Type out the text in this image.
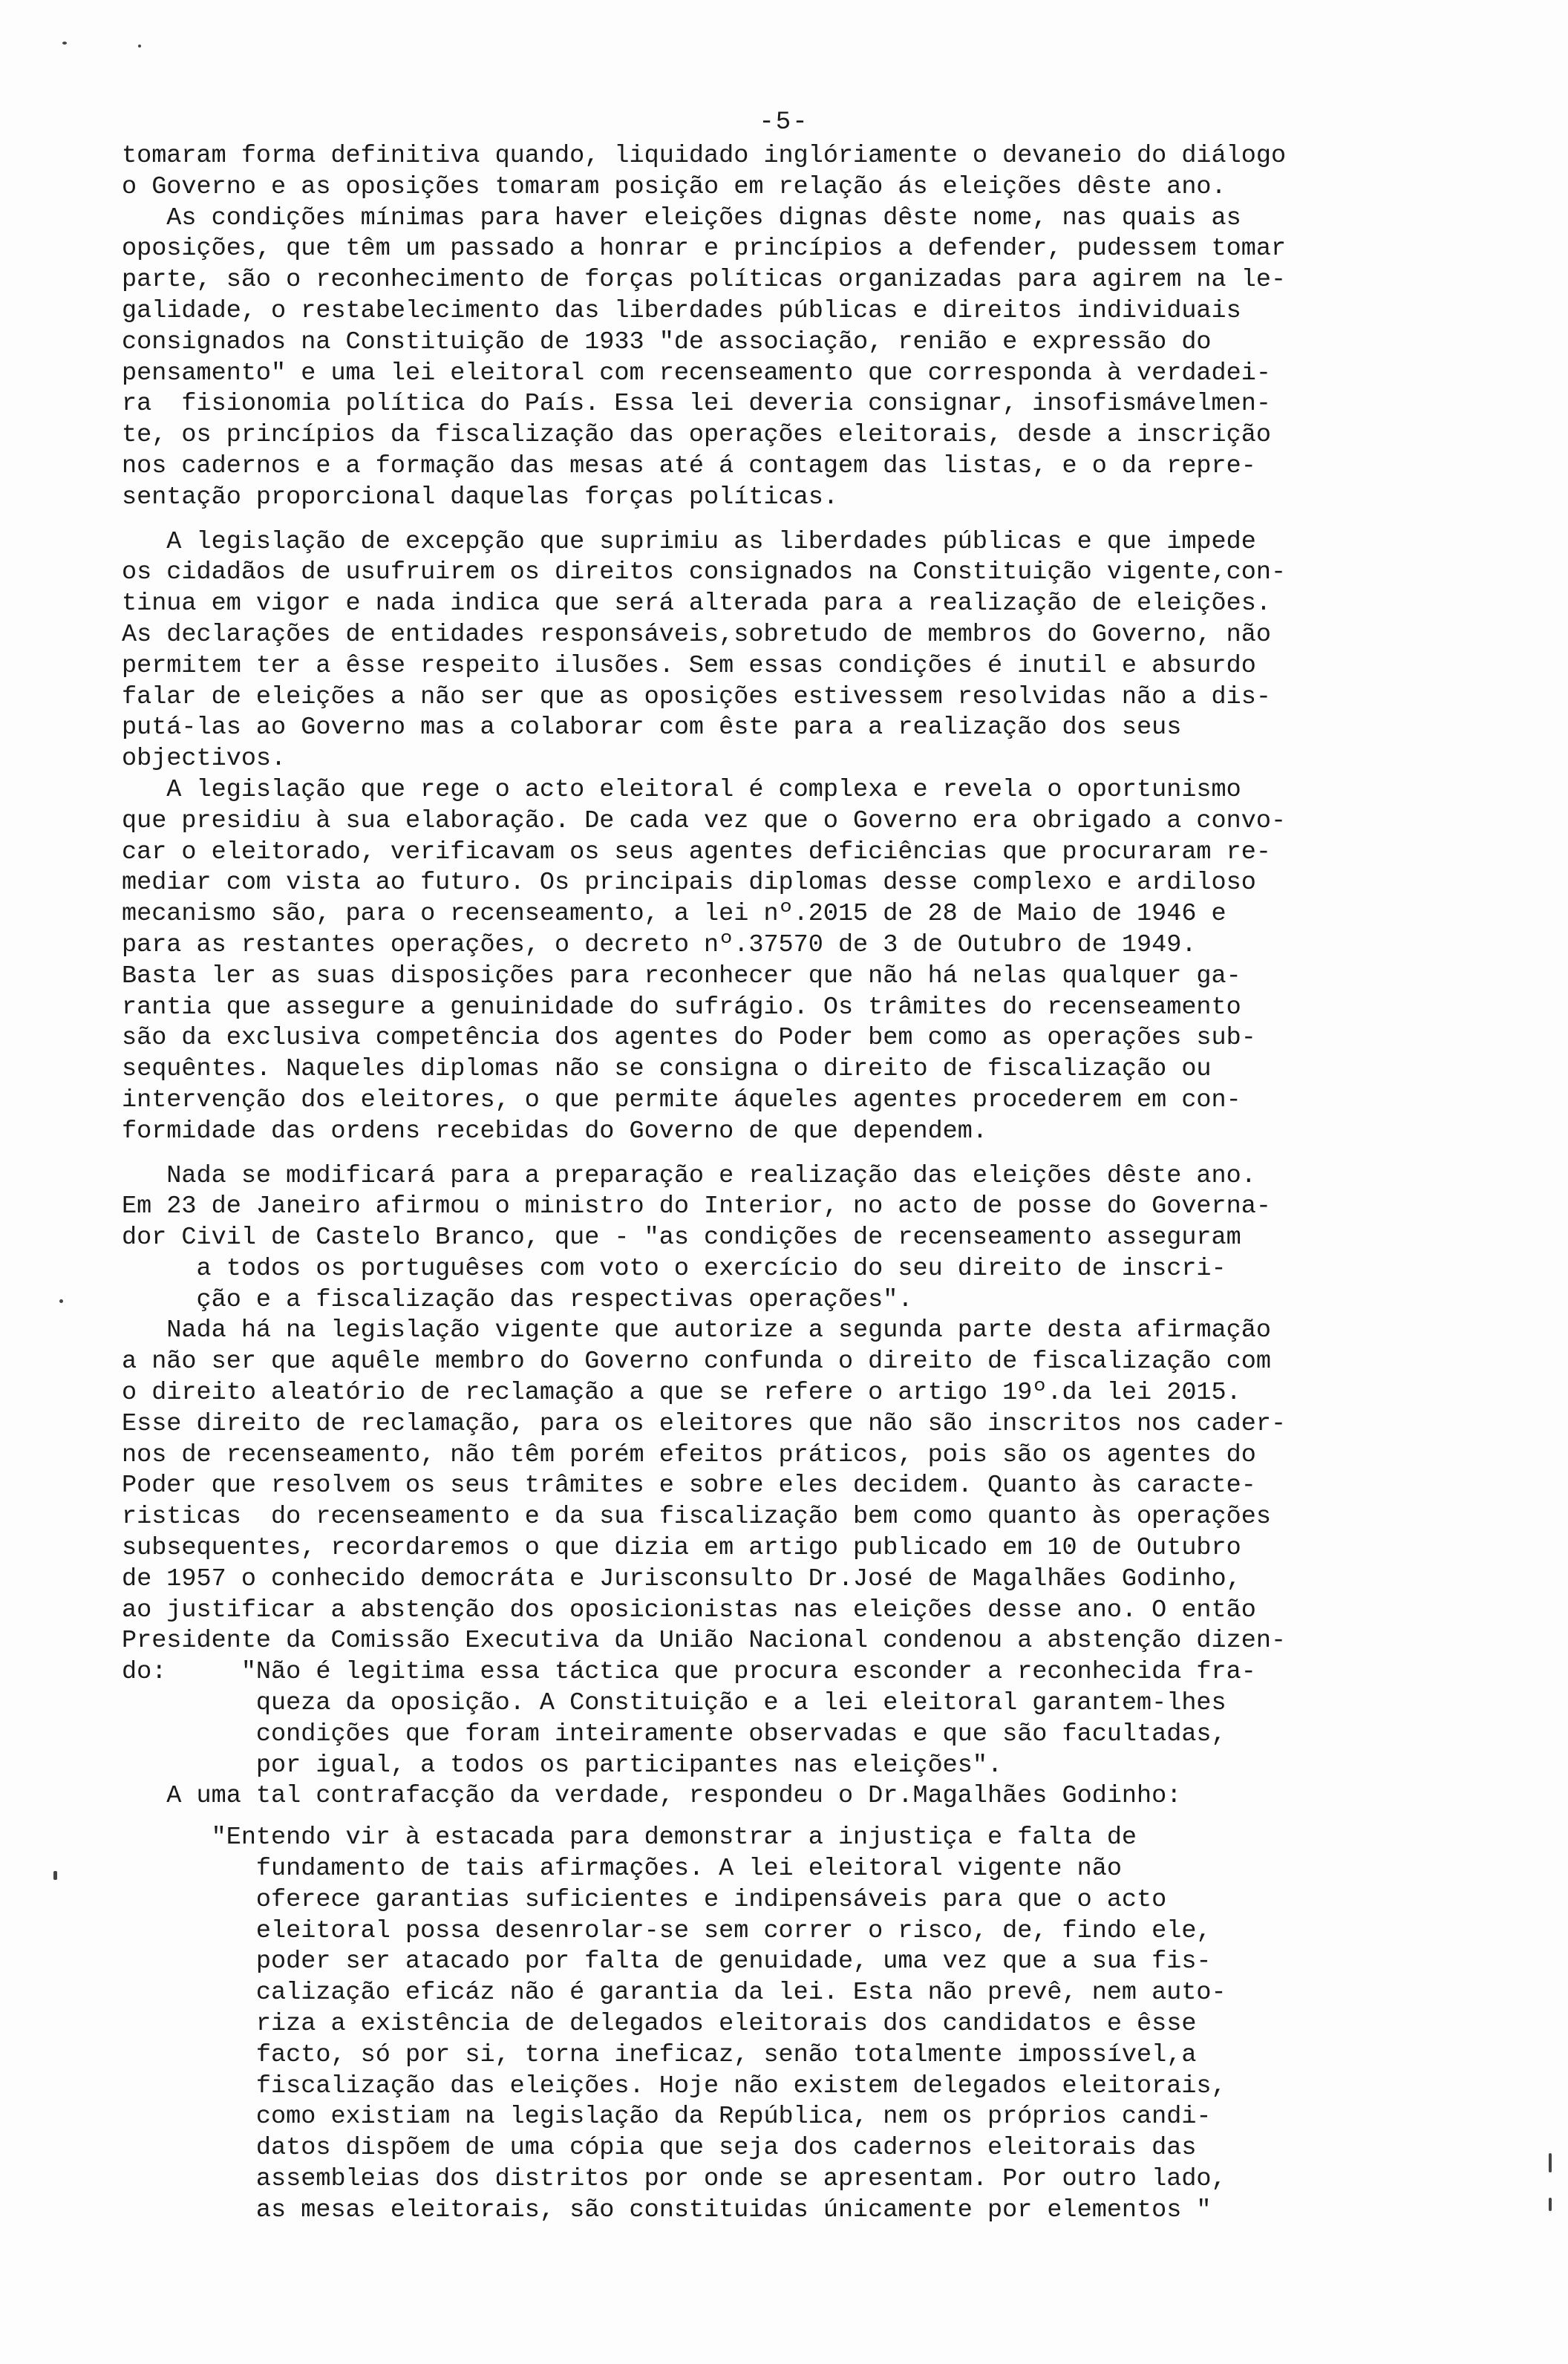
-5-
tomaram forma definitiva quando, liquidado inglóriamente o devaneio do diálogo
o Governo e as oposições tomaram posição em relação ás eleições dêste ano.
As condições mínimas para haver eleições dignas dêste nome, nas quais as
oposições, que têm um passado a honrar e princípios a defender, pudessem tomar
parte, são o reconhecimento de forças políticas organizadas para agirem na le-
galidade, o restabelecimento das liberdades públicas e direitos individuais
consignados na Constituição de 1933 "de associação, renião e expressão do
pensamento" e uma lei eleitoral com recenseamento que corresponda à verdadei-
ra  fisionomia política do País. Essa lei deveria consignar, insofismávelmen-
te, os princípios da fiscalização das operações eleitorais, desde a inscrição
nos cadernos e a formação das mesas até á contagem das listas, e o da repre-
sentação proporcional daquelas forças políticas.
A legislação de excepção que suprimiu as liberdades públicas e que impede
os cidadãos de usufruirem os direitos consignados na Constituição vigente,con-
tinua em vigor e nada indica que será alterada para a realização de eleições.
As declarações de entidades responsáveis,sobretudo de membros do Governo, não
permitem ter a êsse respeito ilusões. Sem essas condições é inutil e absurdo
falar de eleições a não ser que as oposições estivessem resolvidas não a dis-
putá-las ao Governo mas a colaborar com êste para a realização dos seus
objectivos.
A legislação que rege o acto eleitoral é complexa e revela o oportunismo
que presidiu à sua elaboração. De cada vez que o Governo era obrigado a convo-
car o eleitorado, verificavam os seus agentes deficiências que procuraram re-
mediar com vista ao futuro. Os principais diplomas desse complexo e ardiloso
mecanismo são, para o recenseamento, a lei nº.2015 de 28 de Maio de 1946 e
para as restantes operações, o decreto nº.37570 de 3 de Outubro de 1949.
Basta ler as suas disposições para reconhecer que não há nelas qualquer ga-
rantia que assegure a genuinidade do sufrágio. Os trâmites do recenseamento
são da exclusiva competência dos agentes do Poder bem como as operações sub-
sequêntes. Naqueles diplomas não se consigna o direito de fiscalização ou
intervenção dos eleitores, o que permite áqueles agentes procederem em con-
formidade das ordens recebidas do Governo de que dependem.
Nada se modificará para a preparação e realização das eleições dêste ano.
Em 23 de Janeiro afirmou o ministro do Interior, no acto de posse do Governa-
dor Civil de Castelo Branco, que - "as condições de recenseamento asseguram
a todos os portuguêses com voto o exercício do seu direito de inscri-
ção e a fiscalização das respectivas operações".
Nada há na legislação vigente que autorize a segunda parte desta afirmação
a não ser que aquêle membro do Governo confunda o direito de fiscalização com
o direito aleatório de reclamação a que se refere o artigo 19º.da lei 2015.
Esse direito de reclamação, para os eleitores que não são inscritos nos cader-
nos de recenseamento, não têm porém efeitos práticos, pois são os agentes do
Poder que resolvem os seus trâmites e sobre eles decidem. Quanto às caracte-
risticas  do recenseamento e da sua fiscalização bem como quanto às operações
subsequentes, recordaremos o que dizia em artigo publicado em 10 de Outubro
de 1957 o conhecido democráta e Jurisconsulto Dr.José de Magalhães Godinho,
ao justificar a abstenção dos oposicionistas nas eleições desse ano. O então
Presidente da Comissão Executiva da União Nacional condenou a abstenção dizen-
do:     "Não é legitima essa táctica que procura esconder a reconhecida fra-
queza da oposição. A Constituição e a lei eleitoral garantem-lhes
condições que foram inteiramente observadas e que são facultadas,
por igual, a todos os participantes nas eleições".
A uma tal contrafacção da verdade, respondeu o Dr.Magalhães Godinho:
"Entendo vir à estacada para demonstrar a injustiça e falta de
fundamento de tais afirmações. A lei eleitoral vigente não
oferece garantias suficientes e indipensáveis para que o acto
eleitoral possa desenrolar-se sem correr o risco, de, findo ele,
poder ser atacado por falta de genuidade, uma vez que a sua fis-
calização eficáz não é garantia da lei. Esta não prevê, nem auto-
riza a existência de delegados eleitorais dos candidatos e êsse
facto, só por si, torna ineficaz, senão totalmente impossível,a
fiscalização das eleições. Hoje não existem delegados eleitorais,
como existiam na legislação da República, nem os próprios candi-
datos dispõem de uma cópia que seja dos cadernos eleitorais das
assembleias dos distritos por onde se apresentam. Por outro lado,
as mesas eleitorais, são constituidas únicamente por elementos "
